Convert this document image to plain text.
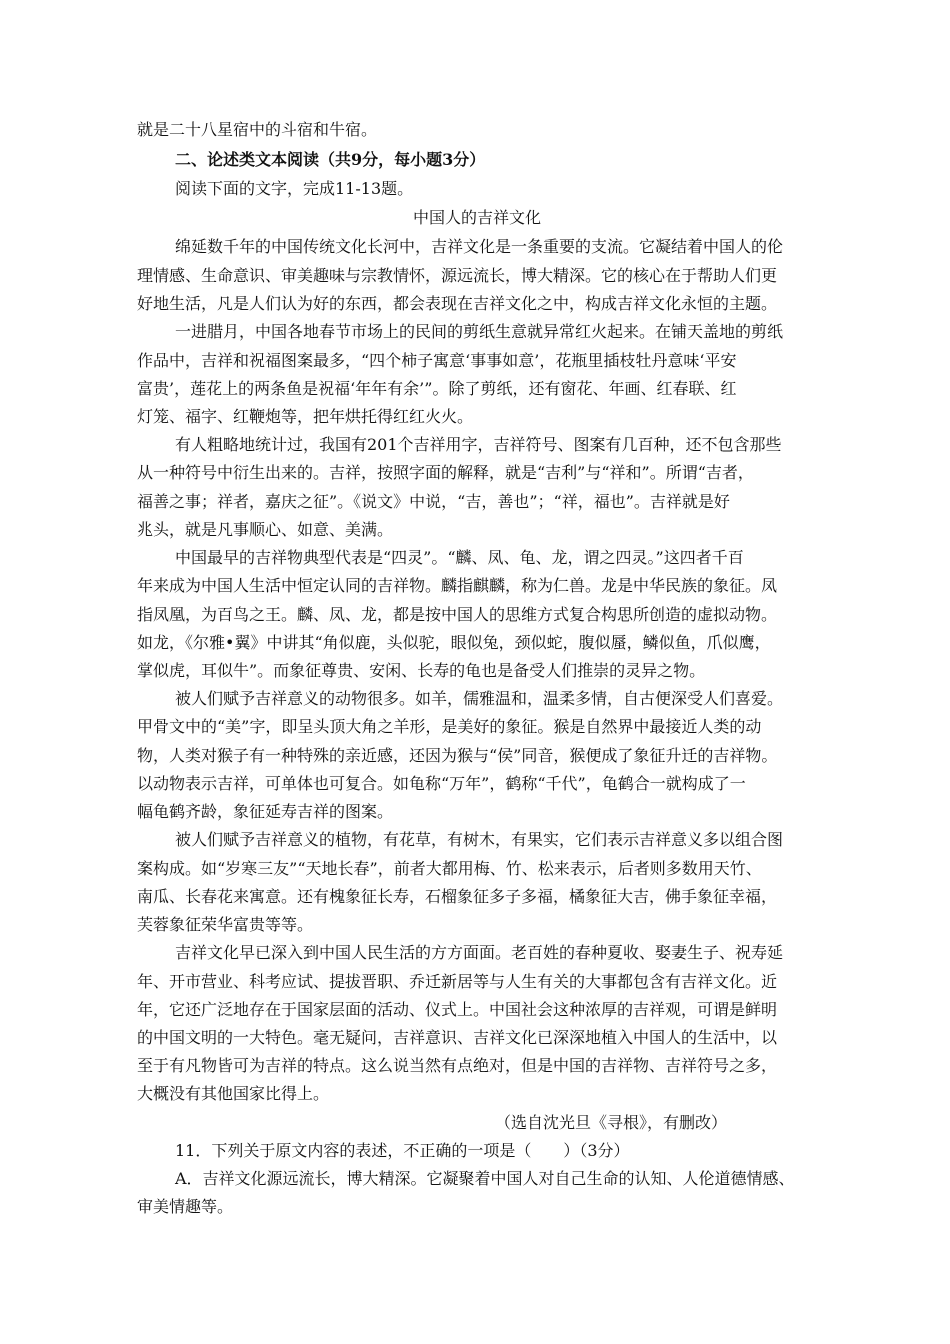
就是二十八星宿中的斗宿和牛宿。
二、论述类文本阅读（共9分，每小题3分）
阅读下面的文字，完成11-13题。
中国人的吉祥文化
绵延数千年的中国传统文化长河中，吉祥文化是一条重要的支流。它凝结着中国人的伦
理情感、生命意识、审美趣味与宗教情怀，源远流长，博大精深。它的核心在于帮助人们更
好地生活，凡是人们认为好的东西，都会表现在吉祥文化之中，构成吉祥文化永恒的主题。
一进腊月，中国各地春节市场上的民间的剪纸生意就异常红火起来。在铺天盖地的剪纸
作品中，吉祥和祝福图案最多，“四个柿子寓意‘事事如意’，花瓶里插枝牡丹意味‘平安
富贵’，莲花上的两条鱼是祝福‘年年有余’”。除了剪纸，还有窗花、年画、红春联、红
灯笼、福字、红鞭炮等，把年烘托得红红火火。
有人粗略地统计过，我国有201个吉祥用字，吉祥符号、图案有几百种，还不包含那些
从一种符号中衍生出来的。吉祥，按照字面的解释，就是“吉利”与“祥和”。所谓“吉者，
福善之事；祥者，嘉庆之征”。《说文》中说，“吉，善也”；“祥，福也”。吉祥就是好
兆头，就是凡事顺心、如意、美满。
中国最早的吉祥物典型代表是“四灵”。“麟、凤、龟、龙，谓之四灵。”这四者千百
年来成为中国人生活中恒定认同的吉祥物。麟指麒麟，称为仁兽。龙是中华民族的象征。凤
指凤凰，为百鸟之王。麟、凤、龙，都是按中国人的思维方式复合构思所创造的虚拟动物。
如龙，《尔雅•翼》中讲其“角似鹿，头似驼，眼似兔，颈似蛇，腹似蜃，鳞似鱼，爪似鹰，
掌似虎，耳似牛”。而象征尊贵、安闲、长寿的龟也是备受人们推崇的灵异之物。
被人们赋予吉祥意义的动物很多。如羊，儒雅温和，温柔多情，自古便深受人们喜爱。
甲骨文中的“美”字，即呈头顶大角之羊形，是美好的象征。猴是自然界中最接近人类的动
物，人类对猴子有一种特殊的亲近感，还因为猴与“侯”同音，猴便成了象征升迁的吉祥物。
以动物表示吉祥，可单体也可复合。如龟称“万年”，鹤称“千代”，龟鹤合一就构成了一
幅龟鹤齐龄，象征延寿吉祥的图案。
被人们赋予吉祥意义的植物，有花草，有树木，有果实，它们表示吉祥意义多以组合图
案构成。如“岁寒三友”“天地长春”，前者大都用梅、竹、松来表示，后者则多数用天竹、
南瓜、长春花来寓意。还有槐象征长寿，石榴象征多子多福，橘象征大吉，佛手象征幸福，
芙蓉象征荣华富贵等等。
吉祥文化早已深入到中国人民生活的方方面面。老百姓的春种夏收、娶妻生子、祝寿延
年、开市营业、科考应试、提拔晋职、乔迁新居等与人生有关的大事都包含有吉祥文化。近
年，它还广泛地存在于国家层面的活动、仪式上。中国社会这种浓厚的吉祥观，可谓是鲜明
的中国文明的一大特色。毫无疑问，吉祥意识、吉祥文化已深深地植入中国人的生活中，以
至于有凡物皆可为吉祥的特点。这么说当然有点绝对，但是中国的吉祥物、吉祥符号之多，
大概没有其他国家比得上。
（选自沈光旦《寻根》，有删改）
11．下列关于原文内容的表述，不正确的一项是（　　）（3分）
A．吉祥文化源远流长，博大精深。它凝聚着中国人对自己生命的认知、人伦道德情感、
审美情趣等。
